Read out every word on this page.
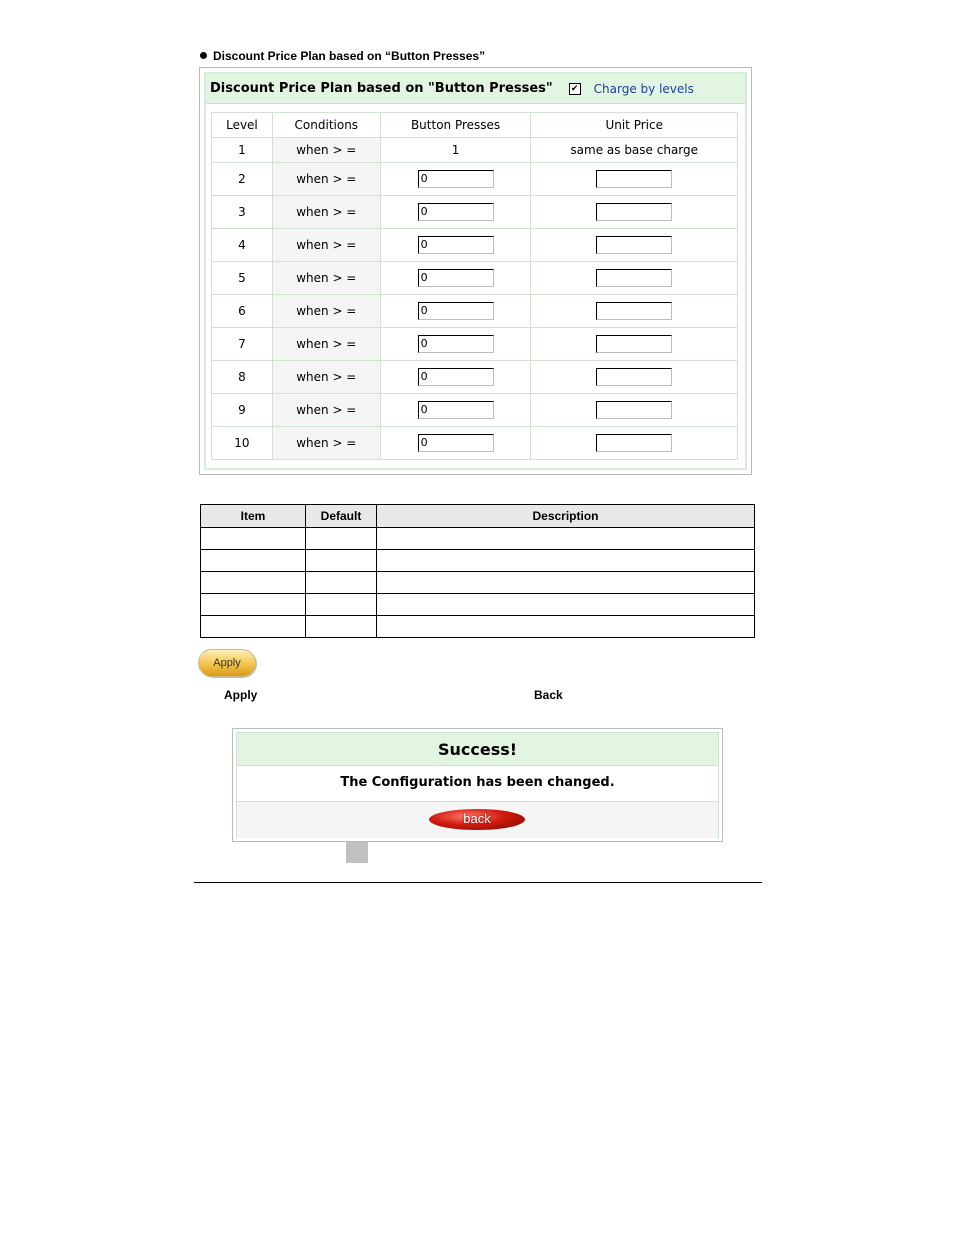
Discount Price Plan based on “Button Presses”
Discount Price Plan based on "Button Presses" ✔ Charge by levels
Level	Conditions	Button Presses	Unit Price
1	when > =	1	same as base charge
2	when > =	0	
3	when > =	0	
4	when > =	0	
5	when > =	0	
6	when > =	0	
7	when > =	0	
8	when > =	0	
9	when > =	0	
10	when > =	0	
Item	Default	Description

Apply
Apply	Back
Success!
The Configuration has been changed.
back
